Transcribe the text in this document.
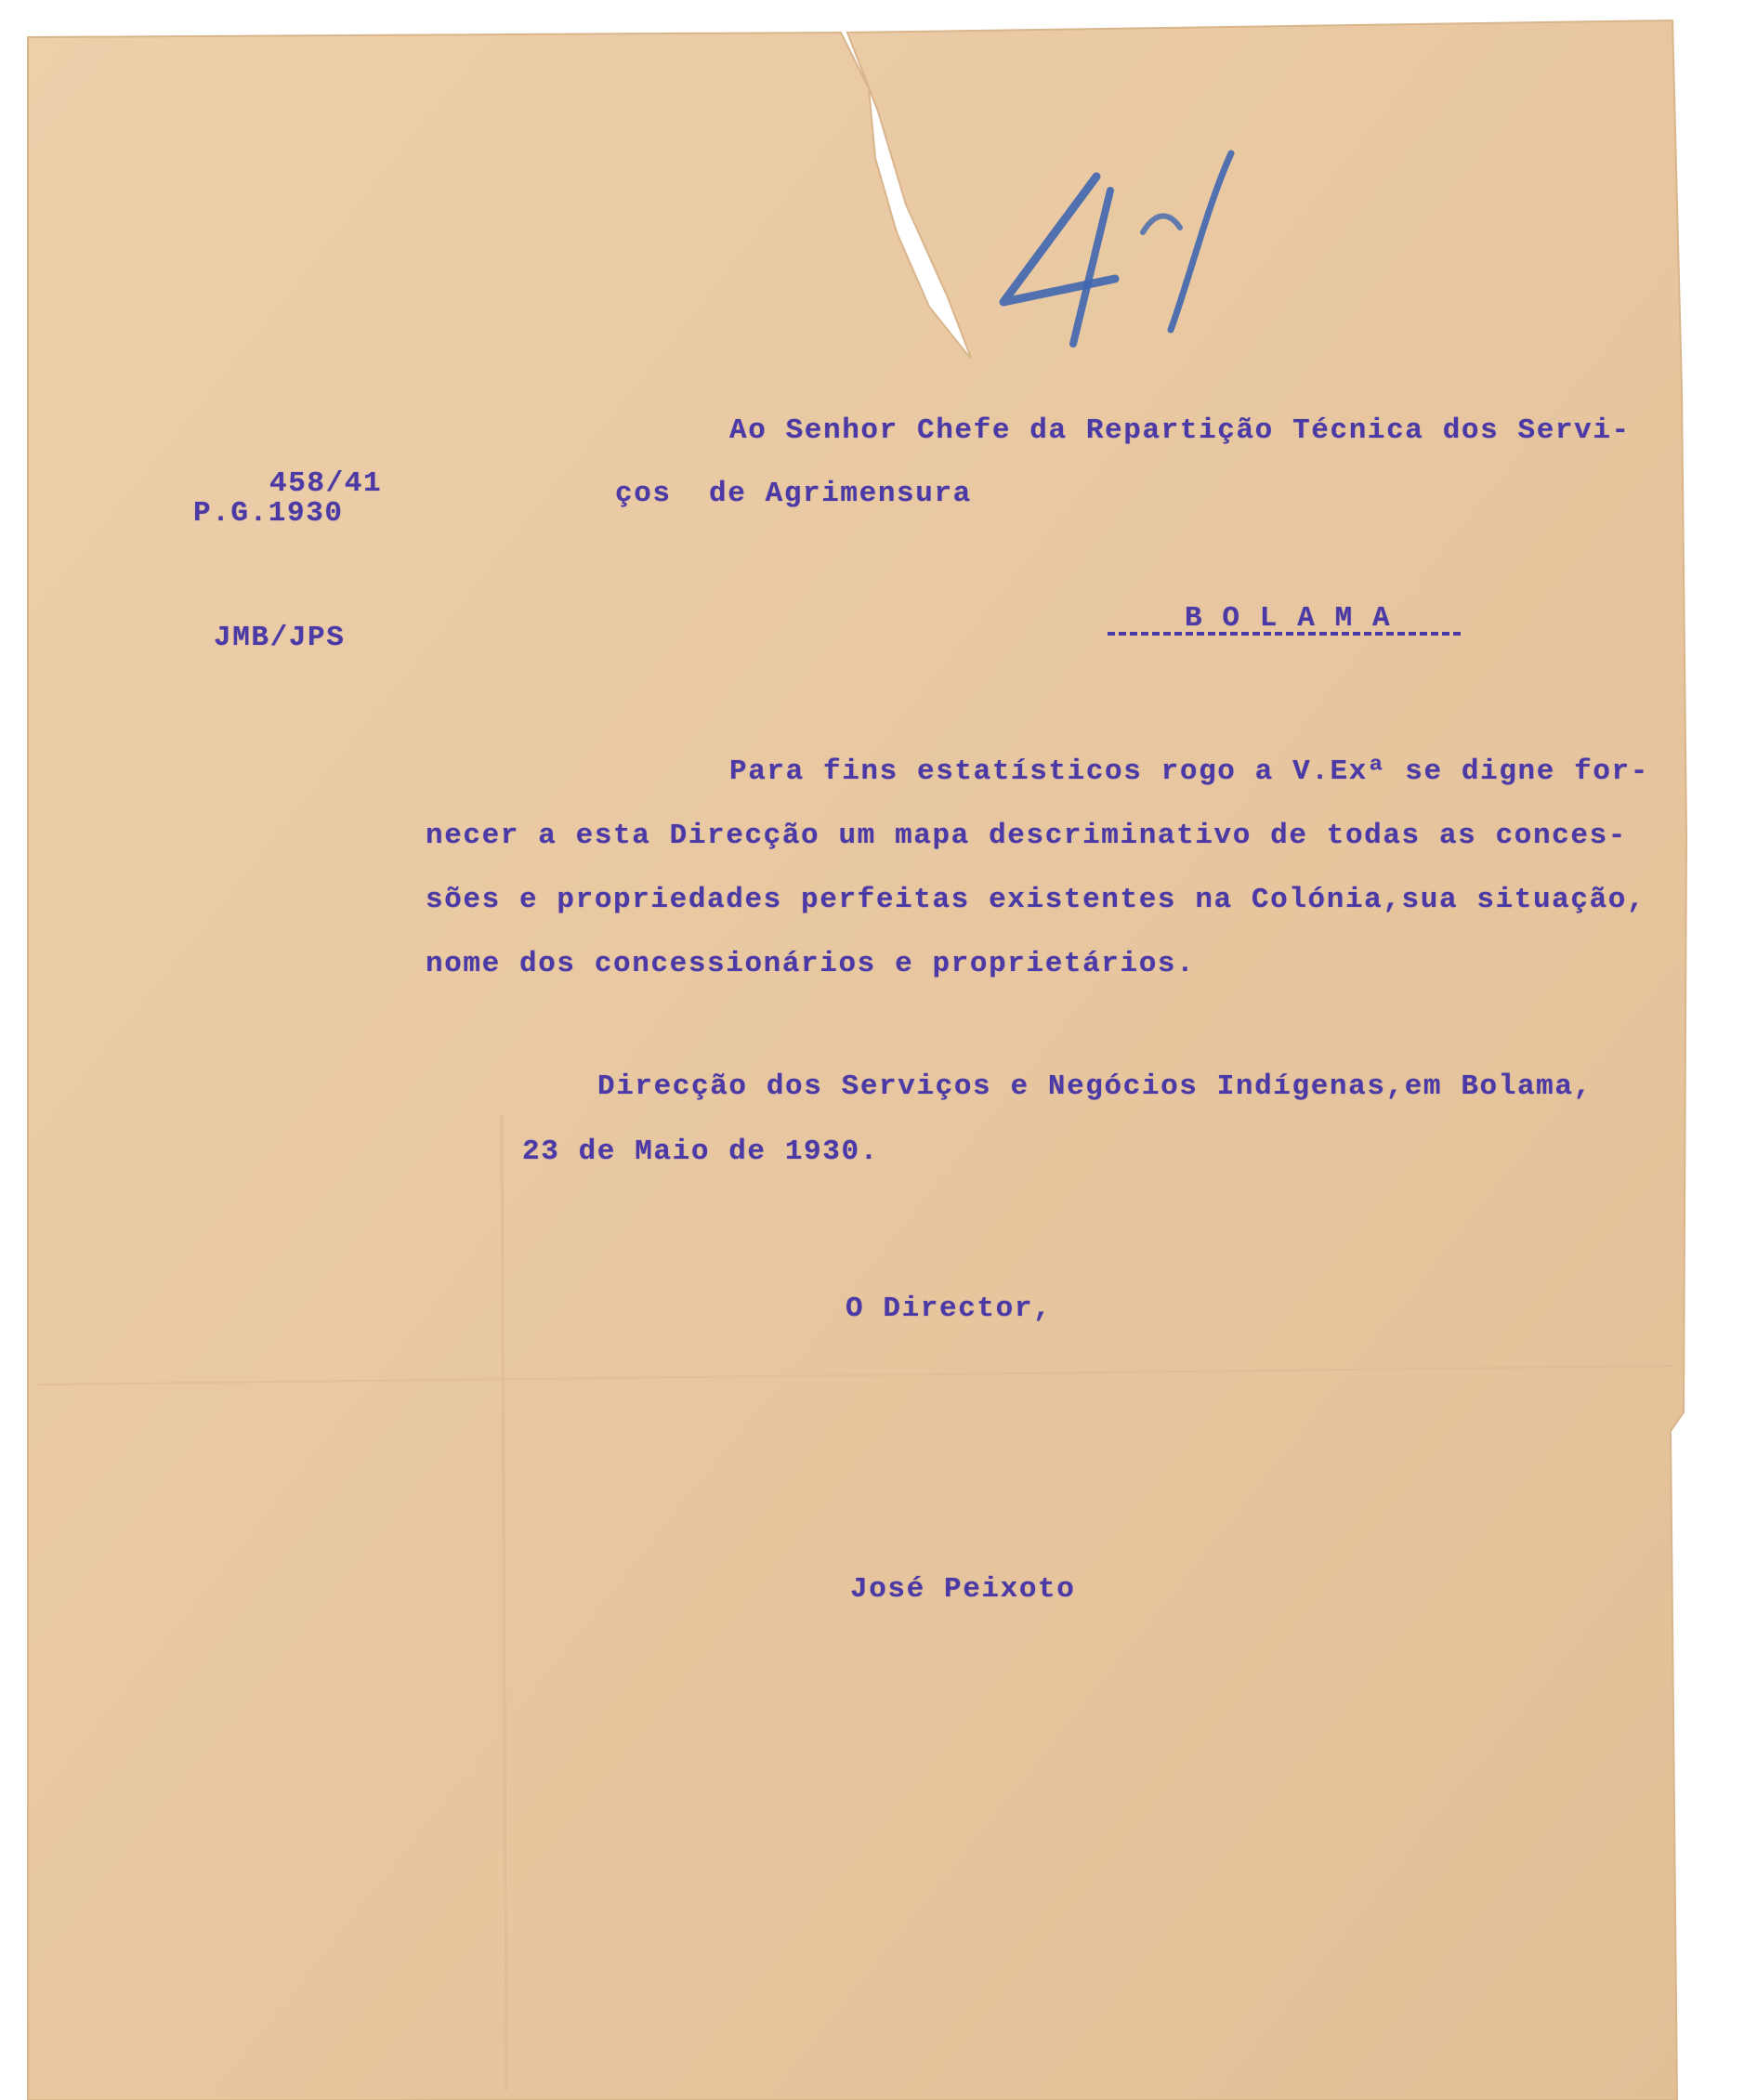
458/41
P.G.1930
JMB/JPS
Ao Senhor Chefe da Repartição Técnica dos Servi-
ços  de Agrimensura
B O L A M A
Para fins estatísticos rogo a V.Exª se digne for-
necer a esta Direcção um mapa descriminativo de todas as conces-
sões e propriedades perfeitas existentes na Colónia,sua situação,
nome dos concessionários e proprietários.
Direcção dos Serviços e Negócios Indígenas,em Bolama,
23 de Maio de 1930.
O Director,
José Peixoto
